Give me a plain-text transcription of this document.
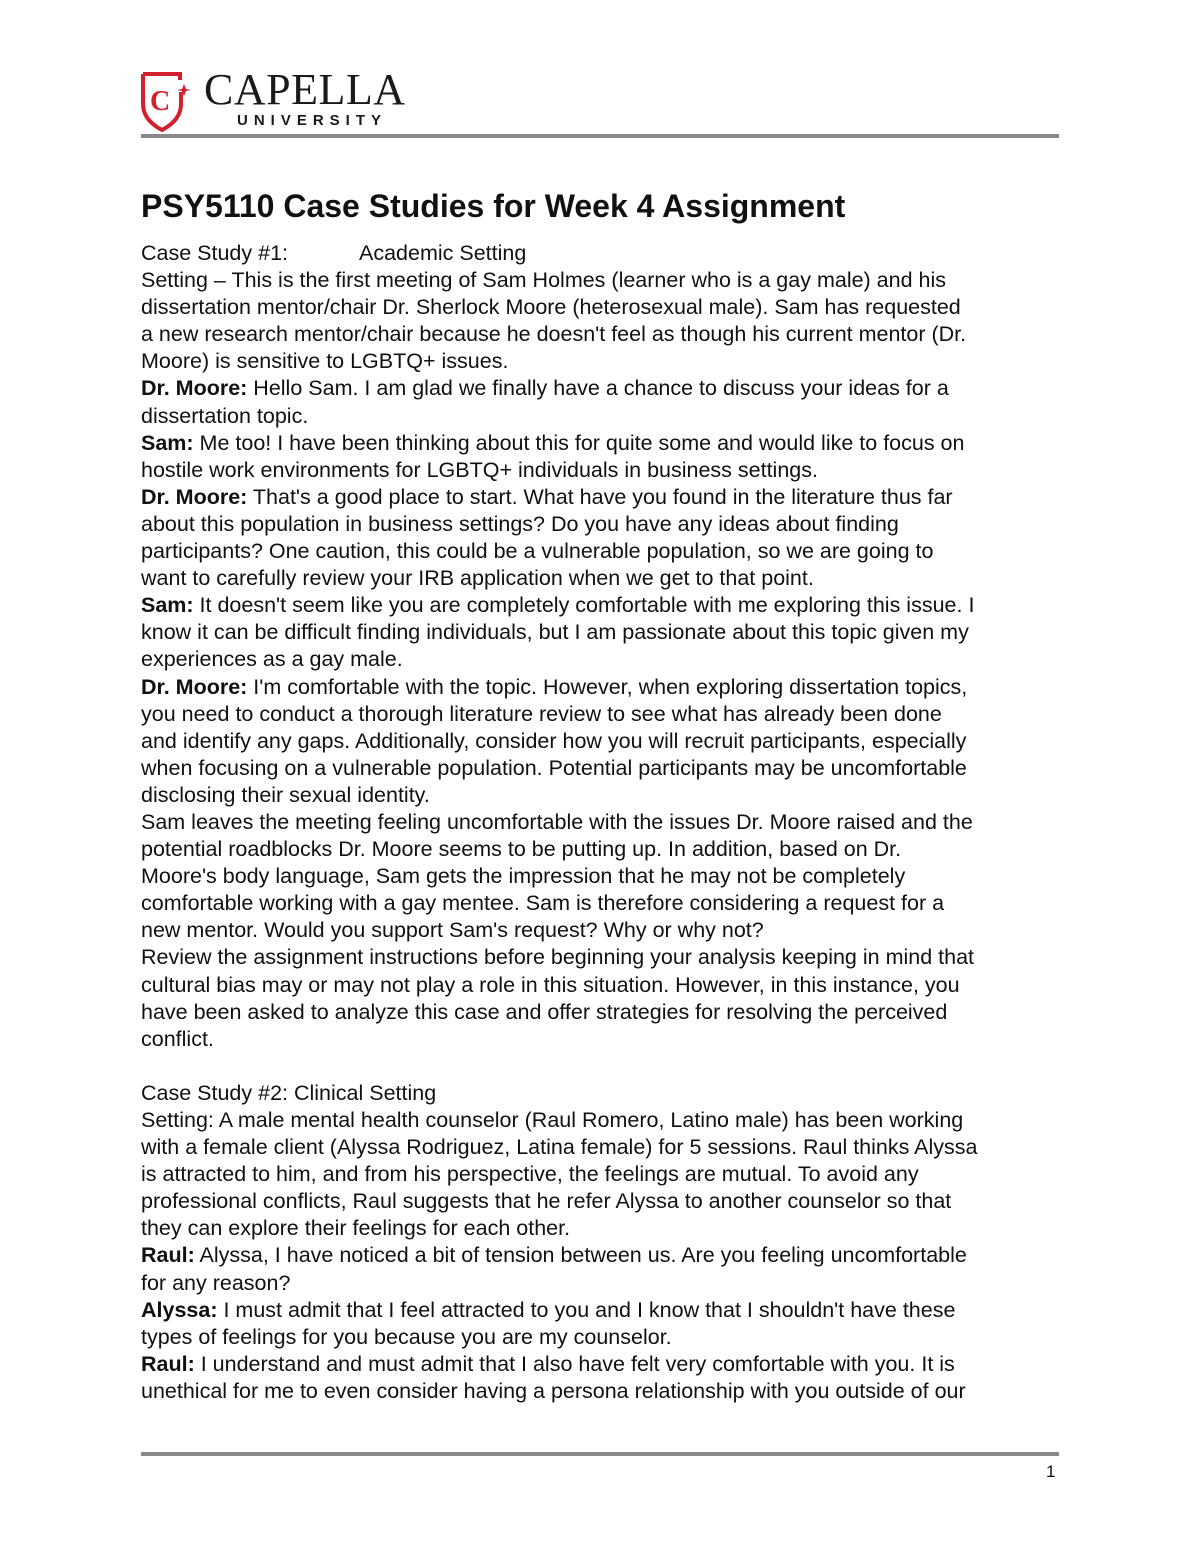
C CAPELLA
UNIVERSITY
PSY5110 Case Studies for Week 4 Assignment
Case Study #1:	Academic Setting
Setting – This is the first meeting of Sam Holmes (learner who is a gay male) and his
dissertation mentor/chair Dr. Sherlock Moore (heterosexual male). Sam has requested
a new research mentor/chair because he doesn't feel as though his current mentor (Dr.
Moore) is sensitive to LGBTQ+ issues.
Dr. Moore: Hello Sam. I am glad we finally have a chance to discuss your ideas for a
dissertation topic.
Sam: Me too! I have been thinking about this for quite some and would like to focus on
hostile work environments for LGBTQ+ individuals in business settings.
Dr. Moore: That's a good place to start. What have you found in the literature thus far
about this population in business settings? Do you have any ideas about finding
participants? One caution, this could be a vulnerable population, so we are going to
want to carefully review your IRB application when we get to that point.
Sam: It doesn't seem like you are completely comfortable with me exploring this issue. I
know it can be difficult finding individuals, but I am passionate about this topic given my
experiences as a gay male.
Dr. Moore: I'm comfortable with the topic. However, when exploring dissertation topics,
you need to conduct a thorough literature review to see what has already been done
and identify any gaps. Additionally, consider how you will recruit participants, especially
when focusing on a vulnerable population. Potential participants may be uncomfortable
disclosing their sexual identity.
Sam leaves the meeting feeling uncomfortable with the issues Dr. Moore raised and the
potential roadblocks Dr. Moore seems to be putting up. In addition, based on Dr.
Moore's body language, Sam gets the impression that he may not be completely
comfortable working with a gay mentee. Sam is therefore considering a request for a
new mentor. Would you support Sam's request? Why or why not?
Review the assignment instructions before beginning your analysis keeping in mind that
cultural bias may or may not play a role in this situation. However, in this instance, you
have been asked to analyze this case and offer strategies for resolving the perceived
conflict.
Case Study #2: Clinical Setting
Setting: A male mental health counselor (Raul Romero, Latino male) has been working
with a female client (Alyssa Rodriguez, Latina female) for 5 sessions. Raul thinks Alyssa
is attracted to him, and from his perspective, the feelings are mutual. To avoid any
professional conflicts, Raul suggests that he refer Alyssa to another counselor so that
they can explore their feelings for each other.
Raul: Alyssa, I have noticed a bit of tension between us. Are you feeling uncomfortable
for any reason?
Alyssa: I must admit that I feel attracted to you and I know that I shouldn't have these
types of feelings for you because you are my counselor.
Raul: I understand and must admit that I also have felt very comfortable with you. It is
unethical for me to even consider having a persona relationship with you outside of our
1
